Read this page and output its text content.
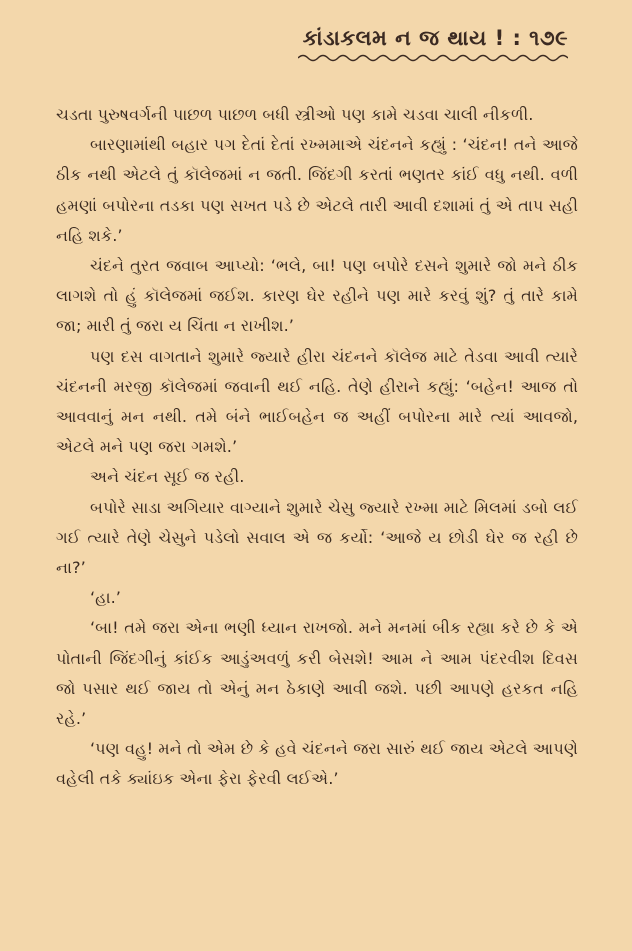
કાંડાકલમ ન જ થાય ! : ૧૭૯

ચડતા પુરુષવર્ગની પાછળ પાછળ બધી સ્ત્રીઓ પણ કામે ચડવા ચાલી નીકળી.

બારણામાંથી બહાર પગ દેતાં દેતાં રખ્મમાએ ચંદનને કહ્યું : ‘ચંદન! તને આજે ઠીક નથી એટલે તું કૉલેજમાં ન જતી. જિંદગી કરતાં ભણતર કાંઈ વધુ નથી. વળી હમણાં બપોરના તડકા પણ સખત પડે છે એટલે તારી આવી દશામાં તું એ તાપ સહી નહિ શકે.’

ચંદને તુરત જવાબ આપ્યો: ‘ભલે, બા! પણ બપોરે દસને શુમારે જો મને ઠીક લાગશે તો હું કૉલેજમાં જઈશ. કારણ ઘેર રહીને પણ મારે કરવું શું? તું તારે કામે જા; મારી તું જરા ય ચિંતા ન રાખીશ.’

પણ દસ વાગતાને શુમારે જ્યારે હીરા ચંદનને કૉલેજ માટે તેડવા આવી ત્યારે ચંદનની મરજી કૉલેજમાં જવાની થઈ નહિ. તેણે હીરાને કહ્યું: ‘બહેન! આજ તો આવવાનું મન નથી. તમે બંને ભાઈબહેન જ અહીં બપોરના મારે ત્યાં આવજો, એટલે મને પણ જરા ગમશે.’

અને ચંદન સૂઈ જ રહી.

બપોરે સાડા અગિયાર વાગ્યાને શુમારે ચેસુ જ્યારે રખ્મા માટે મિલમાં ડબો લઈ ગઈ ત્યારે તેણે ચેસુને પડેલો સવાલ એ જ કર્યો: ‘આજે ય છોડી ઘેર જ રહી છે ના?’

‘હા.’

‘બા! તમે જરા એના ભણી ધ્યાન રાખજો. મને મનમાં બીક રહ્યા કરે છે કે એ પોતાની જિંદગીનું કાંઈક આડુંઅવળું કરી બેસશે! આમ ને આમ પંદરવીશ દિવસ જો પસાર થઈ જાય તો એનું મન ઠેકાણે આવી જશે. પછી આપણે હરકત નહિ રહે.’

‘પણ વહુ! મને તો એમ છે કે હવે ચંદનને જરા સારું થઈ જાય એટલે આપણે વહેલી તકે ક્યાંઇક એના ફેરા ફેરવી લઈએ.’
